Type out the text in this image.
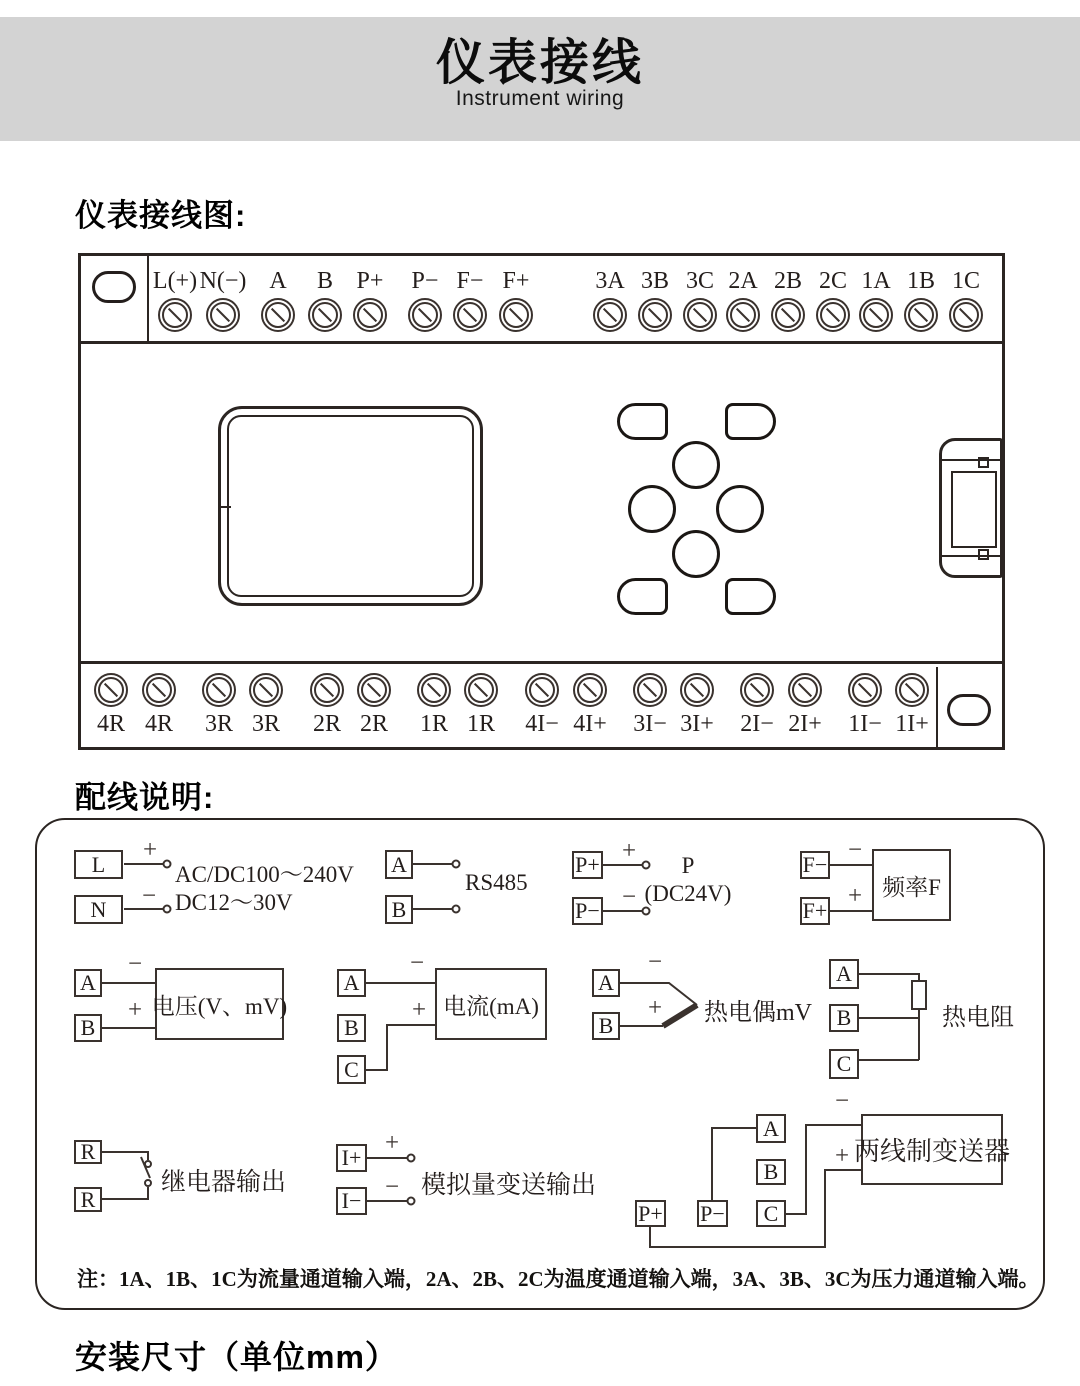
仪表接线
Instrument wiring
仪表接线图:
L(+) N(−) A	B P+	P− F− F+	3A 3B 3C 2A 2B 2C 1A 1B 1C
4R 4R	3R 3R	2R 2R	1R 1R	4I− 4I+	3I− 3I+	2I− 2I+	1I− 1I+
配线说明:
L
N
+
−
AC/DC100～240V
DC12～30V
A
B
RS485
P+
P−
+
−
P
(DC24V)
F−
F+
−
+ 频率F
A
B
−
+ 电压(V、mV)
A
B
C
−
+ 电流(mA)
A
B
−
+ 热电偶mV
A
B
C
热电阻
R
R
继电器输出
I+
I−
+
− 模拟量变送输出
P+ P−
A
B
C
−
+ 两线制变送器
注：1A、1B、1C为流量通道输入端，2A、2B、2C为温度通道输入端，3A、3B、3C为压力通道输入端。
安装尺寸（单位mm）
